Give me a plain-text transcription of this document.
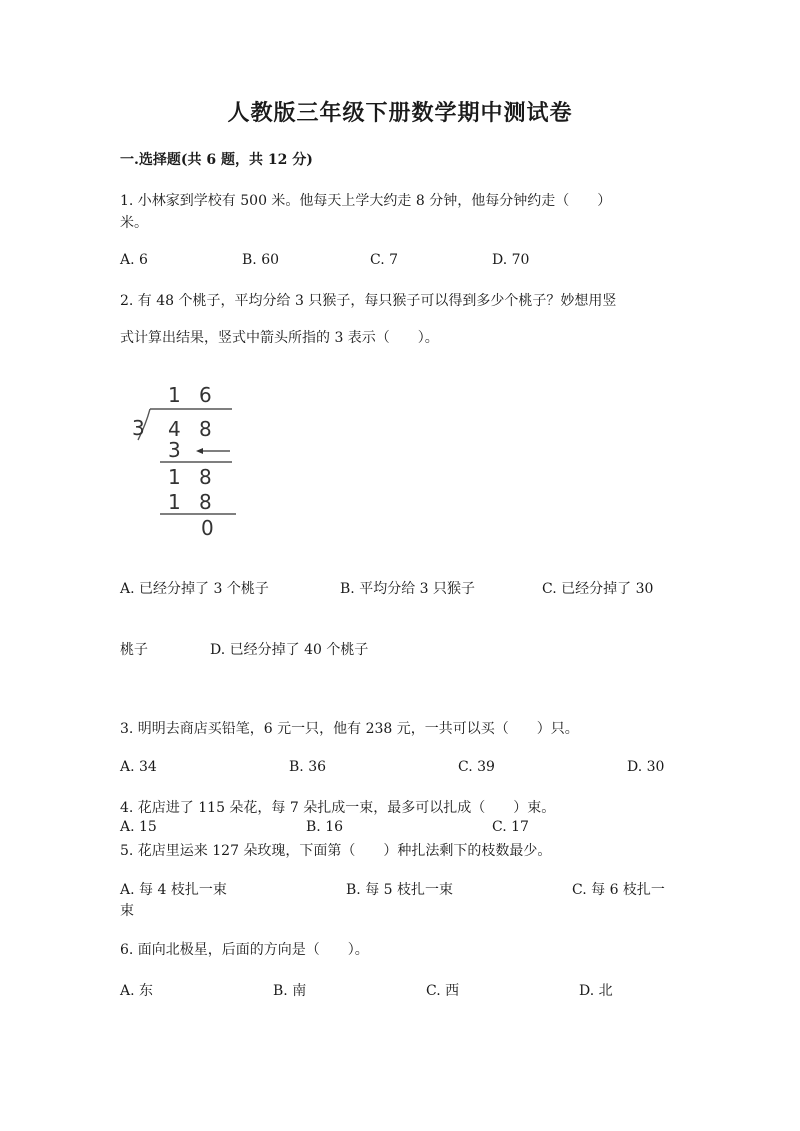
人教版三年级下册数学期中测试卷
一.选择题(共 6 题，共 12 分)
1. 小林家到学校有 500 米。他每天上学大约走 8 分钟，他每分钟约走（　　）
米。
A. 6	B. 60	C. 7	D. 70
2. 有 48 个桃子，平均分给 3 只猴子，每只猴子可以得到多少个桃子？妙想用竖
式计算出结果，竖式中箭头所指的 3 表示（　　）。
1 6
3 4 8
3
1 8
1 8
0
A. 已经分掉了 3 个桃子	B. 平均分给 3 只猴子	C. 已经分掉了 30
桃子	D. 已经分掉了 40 个桃子
3. 明明去商店买铅笔，6 元一只，他有 238 元，一共可以买（　　）只。
A. 34	B. 36	C. 39	D. 30
4. 花店进了 115 朵花，每 7 朵扎成一束，最多可以扎成（　　）束。
A. 15	B. 16	C. 17
5. 花店里运来 127 朵玫瑰，下面第（　　）种扎法剩下的枝数最少。
A. 每 4 枝扎一束	B. 每 5 枝扎一束	C. 每 6 枝扎一
束
6. 面向北极星，后面的方向是（　　）。
A. 东	B. 南	C. 西	D. 北
